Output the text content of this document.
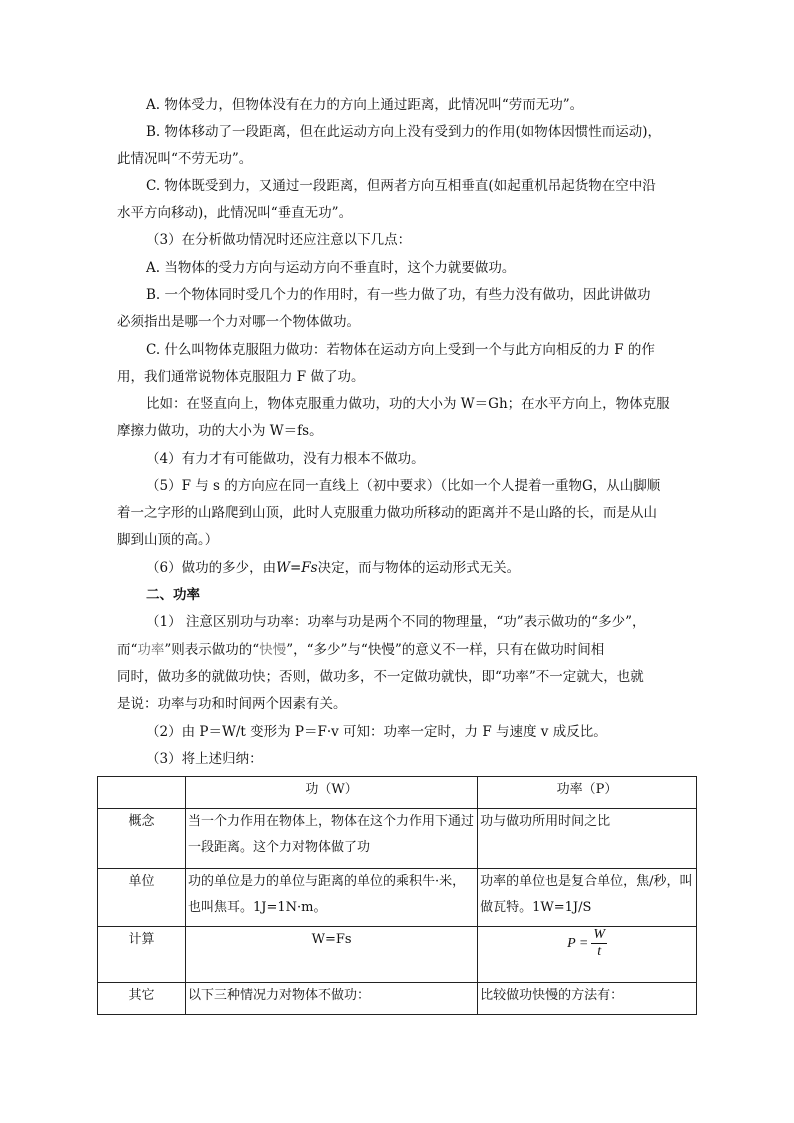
A. 物体受力，但物体没有在力的方向上通过距离，此情况叫“劳而无功”。
B. 物体移动了一段距离，但在此运动方向上没有受到力的作用(如物体因惯性而运动)，
此情况叫“不劳无功”。
C. 物体既受到力，又通过一段距离，但两者方向互相垂直(如起重机吊起货物在空中沿
水平方向移动)，此情况叫“垂直无功”。
（3）在分析做功情况时还应注意以下几点：
A. 当物体的受力方向与运动方向不垂直时，这个力就要做功。
B. 一个物体同时受几个力的作用时，有一些力做了功，有些力没有做功，因此讲做功
必须指出是哪一个力对哪一个物体做功。
C. 什么叫物体克服阻力做功：若物体在运动方向上受到一个与此方向相反的力 F 的作
用，我们通常说物体克服阻力 F 做了功。
比如：在竖直向上，物体克服重力做功，功的大小为 W＝Gh；在水平方向上，物体克服
摩擦力做功，功的大小为 W＝fs。
（4）有力才有可能做功，没有力根本不做功。
（5）F 与 s 的方向应在同一直线上（初中要求）（比如一个人提着一重物G，从山脚顺
着一之字形的山路爬到山顶，此时人克服重力做功所移动的距离并不是山路的长，而是从山
脚到山顶的高。）
（6）做功的多少，由W=Fs决定，而与物体的运动形式无关。
二、功率
（1） 注意区别功与功率：功率与功是两个不同的物理量，“功”表示做功的“多少”，
而“功率”则表示做功的“快慢”，“多少”与“快慢”的意义不一样，只有在做功时间相
同时，做功多的就做功快；否则，做功多，不一定做功就快，即“功率”不一定就大，也就
是说：功率与功和时间两个因素有关。
（2）由 P＝W/t 变形为 P＝F·v 可知：功率一定时，力 F 与速度 v 成反比。
（3）将上述归纳：
	功（W）	功率（P）
概念	当一个力作用在物体上，物体在这个力作用下通过一段距离。这个力对物体做了功	功与做功所用时间之比
单位	功的单位是力的单位与距离的单位的乘积牛·米，也叫焦耳。1J=1N·m。	功率的单位也是复合单位，焦/秒，叫做瓦特。1W=1J/S
计算	W=Fs	$P = \frac{W}{t}$

其它	以下三种情况力对物体不做功：	比较做功快慢的方法有：
